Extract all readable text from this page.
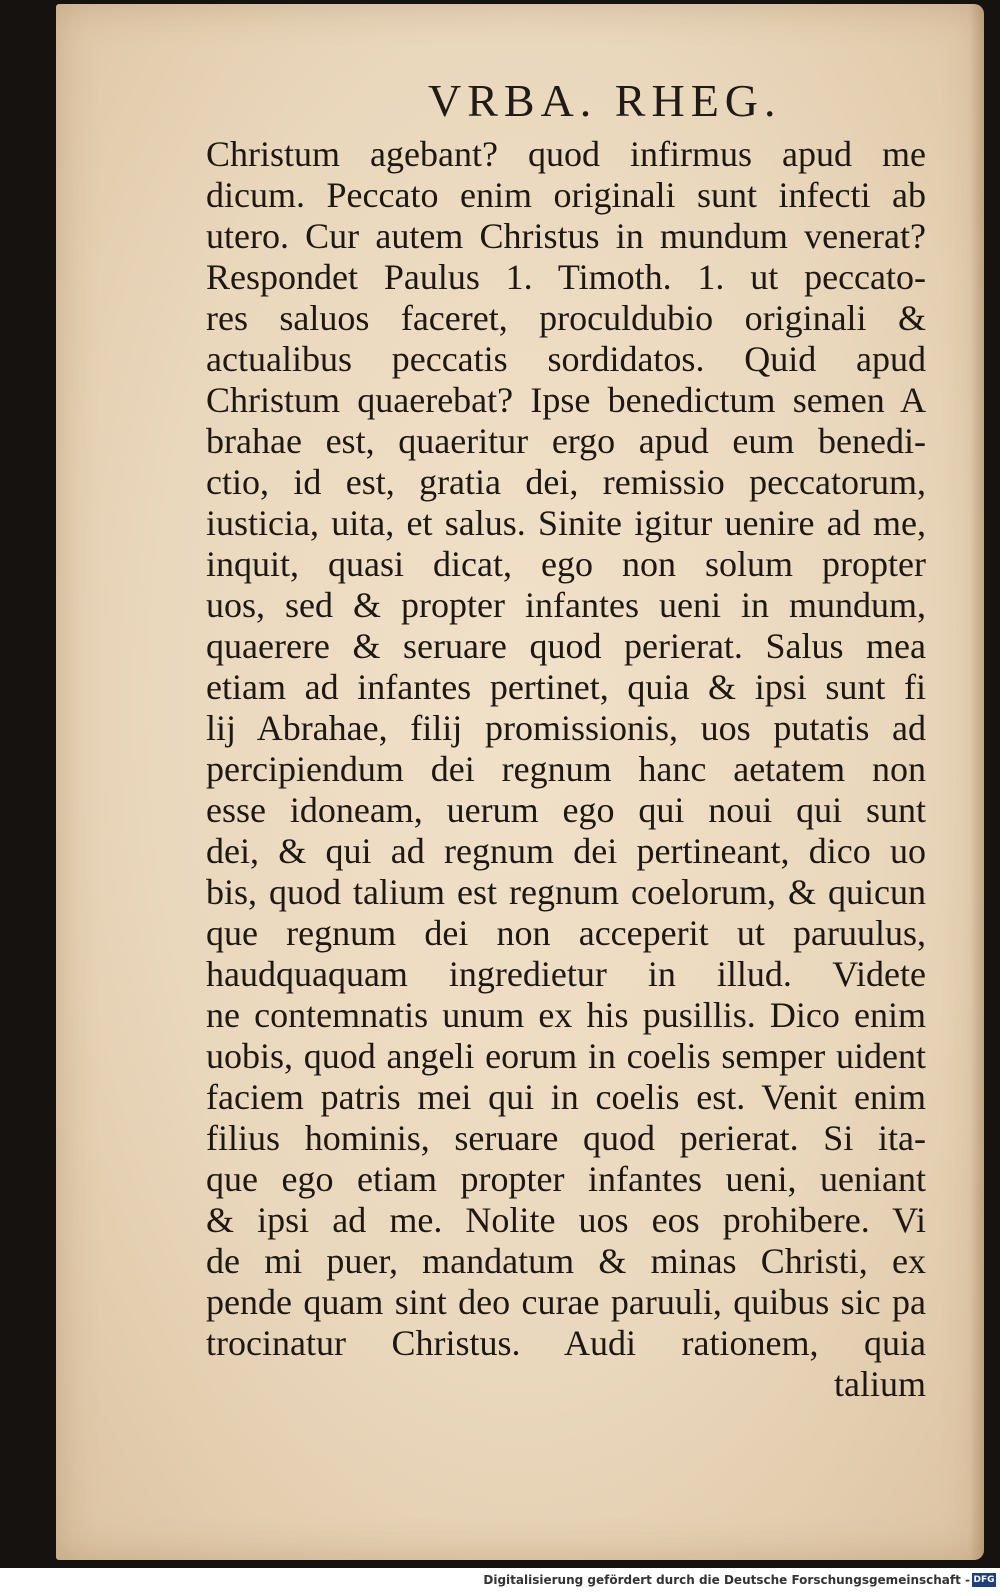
VRBA. RHEG.
Christum agebant? quod infirmus apud me
dicum. Peccato enim originali sunt infecti ab
utero. Cur autem Christus in mundum venerat?
Respondet Paulus 1. Timoth. 1. ut peccato-
res saluos faceret, proculdubio originali &
actualibus peccatis sordidatos. Quid apud
Christum quaerebat? Ipse benedictum semen A
brahae est, quaeritur ergo apud eum benedi-
ctio, id est, gratia dei, remissio peccatorum,
iusticia, uita, et salus. Sinite igitur uenire ad me,
inquit, quasi dicat, ego non solum propter
uos, sed & propter infantes ueni in mundum,
quaerere & seruare quod perierat. Salus mea
etiam ad infantes pertinet, quia & ipsi sunt fi
lij Abrahae, filij promissionis, uos putatis ad
percipiendum dei regnum hanc aetatem non
esse idoneam, uerum ego qui noui qui sunt
dei, & qui ad regnum dei pertineant, dico uo
bis, quod talium est regnum coelorum, & quicun
que regnum dei non acceperit ut paruulus,
haudquaquam ingredietur in illud. Videte
ne contemnatis unum ex his pusillis. Dico enim
uobis, quod angeli eorum in coelis semper uident
faciem patris mei qui in coelis est. Venit enim
filius hominis, seruare quod perierat. Si ita-
que ego etiam propter infantes ueni, ueniant
& ipsi ad me. Nolite uos eos prohibere. Vi
de mi puer, mandatum & minas Christi, ex
pende quam sint deo curae paruuli, quibus sic pa
trocinatur Christus. Audi rationem, quia
talium
Digitalisierung gefördert durch die Deutsche Forschungsgemeinschaft - DFG
